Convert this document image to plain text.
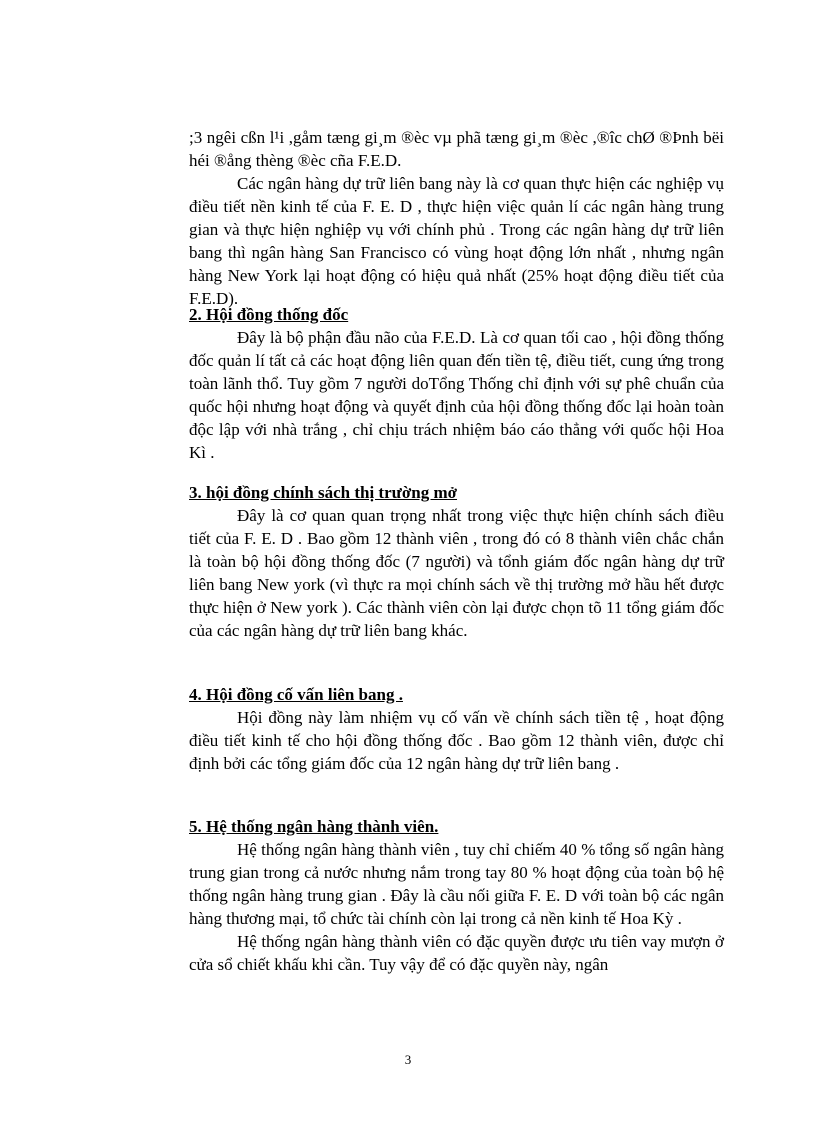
;3 ngêi cßn l¹i ,gåm tæng gi¸m ®èc vµ phã tæng gi¸m ®èc ,®îc chØ ®Þnh bëi héi ®ång thèng ®èc cña F.E.D.

Các ngân hàng dự trữ liên bang này là cơ quan thực hiện các nghiệp vụ điều tiết nền kinh tế của F. E. D , thực hiện việc quản lí các ngân hàng trung gian và thực hiện nghiệp vụ với chính phủ . Trong các ngân hàng dự trữ liên bang thì ngân hàng San Francisco có vùng hoạt động lớn nhất , nhưng ngân hàng New York lại hoạt động có hiệu quả nhất (25% hoạt động điều tiết của F.E.D).

2. Hội đồng thống đốc

Đây là bộ phận đầu não của F.E.D. Là cơ quan tối cao , hội đồng thống đốc quản lí tất cả các hoạt động liên quan đến tiền tệ, điều tiết, cung ứng trong toàn lãnh thổ. Tuy gồm 7 người doTổng Thống chỉ định với sự phê chuẩn của quốc hội nhưng hoạt động và quyết định của hội đồng thống đốc lại hoàn toàn độc lập với nhà trắng , chỉ chịu trách nhiệm báo cáo thẳng với quốc hội Hoa Kì .

3. hội đồng chính sách thị trường mở

Đây là cơ quan quan trọng nhất trong việc thực hiện chính sách điều tiết của F. E. D . Bao gồm 12 thành viên , trong đó có 8 thành viên chắc chắn là toàn bộ hội đồng thống đốc (7 người) và tổnh giám đốc ngân hàng dự trữ liên bang New york (vì thực ra mọi chính sách về thị trường mở hầu hết được thực hiện ở New york ). Các thành viên còn lại được chọn tõ 11 tổng giám đốc của các ngân hàng dự trữ liên bang khác.

4. Hội đồng cố vấn liên bang .

Hội đồng này làm nhiệm vụ cố vấn về chính sách tiền tệ , hoạt động điều tiết kinh tế cho hội đồng thống đốc . Bao gồm 12 thành viên, được chỉ định bởi các tổng giám đốc của 12 ngân hàng dự trữ liên bang .

5. Hệ thống ngân hàng thành viên.

Hệ thống ngân hàng thành viên , tuy chỉ chiếm 40 % tổng số ngân hàng trung gian trong cả nước nhưng nắm trong tay 80 % hoạt động của toàn bộ hệ thống ngân hàng trung gian . Đây là cầu nối giữa F. E. D với toàn bộ các ngân hàng thương mại, tổ chức tài chính còn lại trong cả nền kinh tế Hoa Kỳ .

Hệ thống ngân hàng thành viên có đặc quyền được ưu tiên vay mượn ở cửa sổ chiết khấu khi cần. Tuy vậy để có đặc quyền này, ngân

3
